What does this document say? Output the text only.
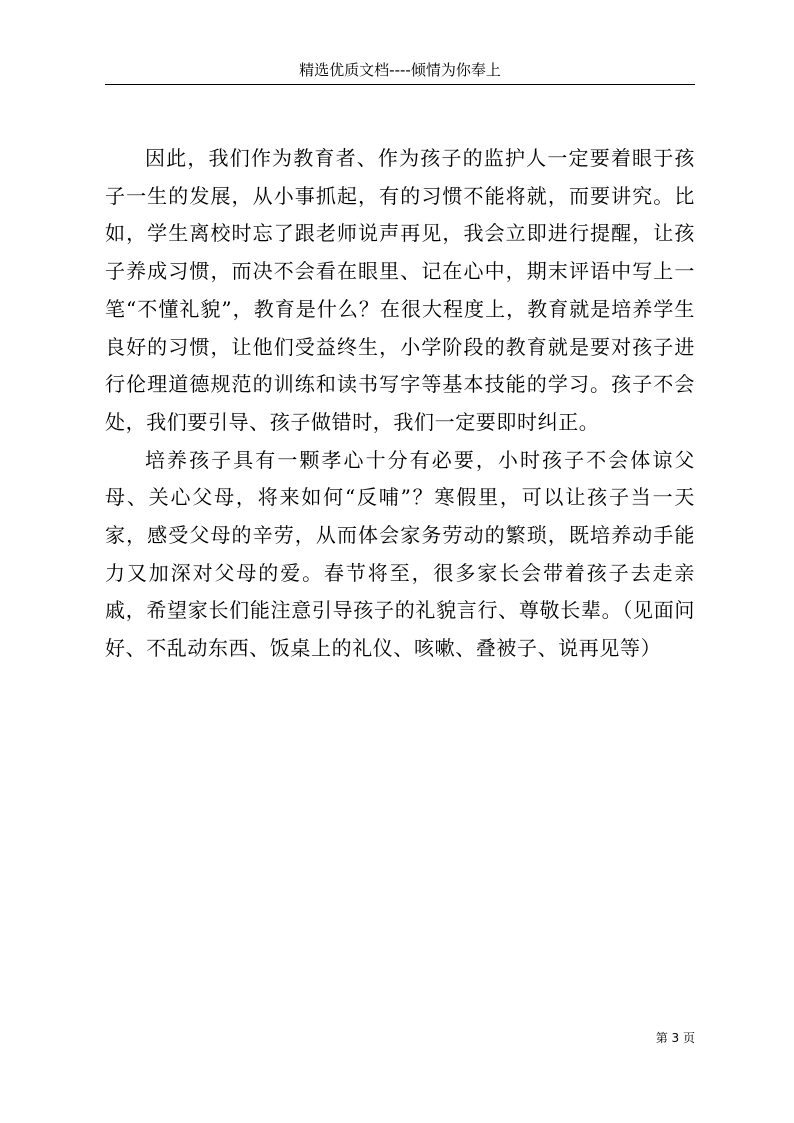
精选优质文档----倾情为你奉上

因此，我们作为教育者、作为孩子的监护人一定要着眼于孩子一生的发展，从小事抓起，有的习惯不能将就，而要讲究。比如，学生离校时忘了跟老师说声再见，我会立即进行提醒，让孩子养成习惯，而决不会看在眼里、记在心中，期末评语中写上一笔“不懂礼貌”，教育是什么？在很大程度上，教育就是培养学生良好的习惯，让他们受益终生，小学阶段的教育就是要对孩子进行伦理道德规范的训练和读书写字等基本技能的学习。孩子不会处，我们要引导、孩子做错时，我们一定要即时纠正。

培养孩子具有一颗孝心十分有必要，小时孩子不会体谅父母、关心父母，将来如何“反哺”？寒假里，可以让孩子当一天家，感受父母的辛劳，从而体会家务劳动的繁琐，既培养动手能力又加深对父母的爱。春节将至，很多家长会带着孩子去走亲戚，希望家长们能注意引导孩子的礼貌言行、尊敬长辈。（见面问好、不乱动东西、饭桌上的礼仪、咳嗽、叠被子、说再见等）

第 3 页
